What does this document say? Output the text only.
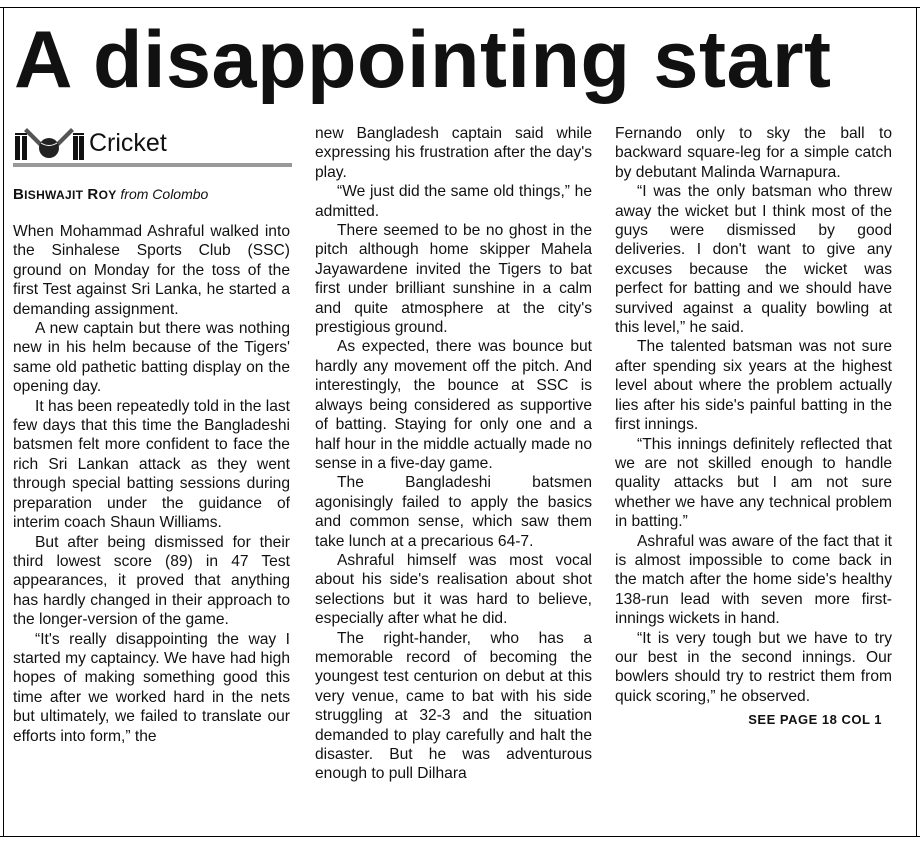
A disappointing start
Cricket
BISHWAJIT ROY from Colombo

When Mohammad Ashraful walked into the Sinhalese Sports Club (SSC) ground on Monday for the toss of the first Test against Sri Lanka, he started a demanding assignment.

A new captain but there was nothing new in his helm because of the Tigers' same old pathetic batting display on the opening day.

It has been repeatedly told in the last few days that this time the Bangladeshi batsmen felt more confident to face the rich Sri Lankan attack as they went through special batting sessions during preparation under the guidance of interim coach Shaun Williams.

But after being dismissed for their third lowest score (89) in 47 Test appearances, it proved that anything has hardly changed in their approach to the longer-version of the game.

“It's really disappointing the way I started my captaincy. We have had high hopes of making something good this time after we worked hard in the nets but ultimately, we failed to translate our efforts into form,” the

new Bangladesh captain said while expressing his frustration after the day's play.

“We just did the same old things,” he admitted.

There seemed to be no ghost in the pitch although home skipper Mahela Jayawardene invited the Tigers to bat first under brilliant sunshine in a calm and quite atmosphere at the city's prestigious ground.

As expected, there was bounce but hardly any movement off the pitch. And interestingly, the bounce at SSC is always being considered as supportive of batting. Staying for only one and a half hour in the middle actually made no sense in a five-day game.

The Bangladeshi batsmen agonisingly failed to apply the basics and common sense, which saw them take lunch at a precarious 64-7.

Ashraful himself was most vocal about his side's realisation about shot selections but it was hard to believe, especially after what he did.

The right-hander, who has a memorable record of becoming the youngest test centurion on debut at this very venue, came to bat with his side struggling at 32-3 and the situation demanded to play carefully and halt the disaster. But he was adventurous enough to pull Dilhara

Fernando only to sky the ball to backward square-leg for a simple catch by debutant Malinda Warnapura.

“I was the only batsman who threw away the wicket but I think most of the guys were dismissed by good deliveries. I don't want to give any excuses because the wicket was perfect for batting and we should have survived against a quality bowling at this level,” he said.

The talented batsman was not sure after spending six years at the highest level about where the problem actually lies after his side's painful batting in the first innings.

“This innings definitely reflected that we are not skilled enough to handle quality attacks but I am not sure whether we have any technical problem in batting.”

Ashraful was aware of the fact that it is almost impossible to come back in the match after the home side's healthy 138-run lead with seven more first-innings wickets in hand.

“It is very tough but we have to try our best in the second innings. Our bowlers should try to restrict them from quick scoring,” he observed.

SEE PAGE 18 COL 1
